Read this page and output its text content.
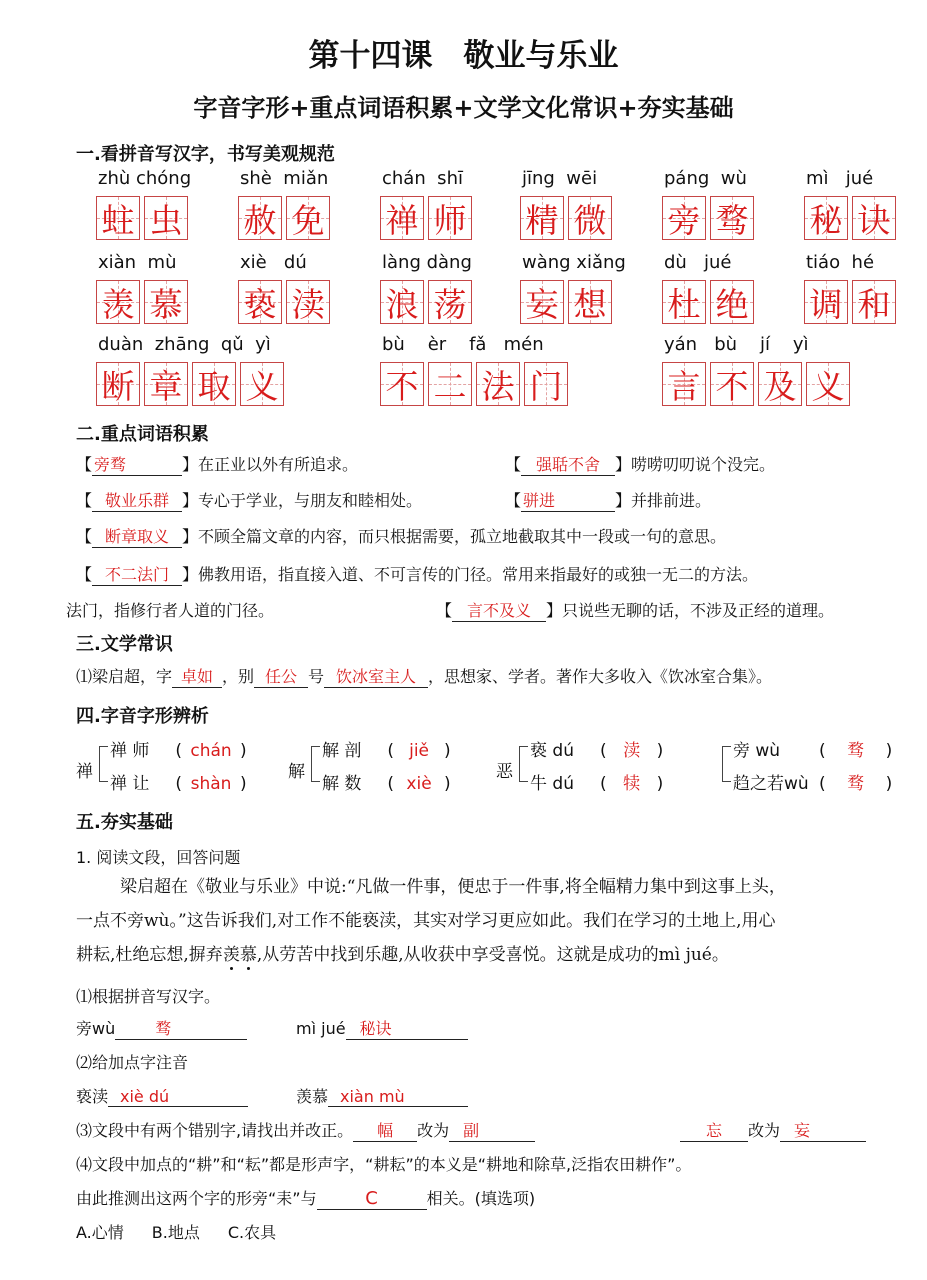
第十四课　敬业与乐业
字音字形+重点词语积累+文学文化常识+夯实基础
一.看拼音写汉字，书写美观规范
zhù chóng
蛀 虫
shè  miǎn
赦 免
chán  shī
禅 师
jīng  wēi
精 微
páng  wù
旁 骛
mì   jué
秘 诀
xiàn  mù
羡 慕
xiè   dú
亵 渎
làng dàng
浪 荡
wàng xiǎng
妄 想
dù   jué
杜 绝
tiáo  hé
调 和
duàn  zhāng  qǔ  yì
断 章 取 义
bù    èr    fǎ   mén
不 二 法 门
yán   bù    jí    yì
言 不 及 义
二.重点词语积累
【 旁骛	】在正业以外有所追求。	【 强聒不舍 】唠唠叨叨说个没完。
【 敬业乐群 】专心于学业，与朋友和睦相处。	【 骈进	】并排前进。
【 断章取义 】不顾全篇文章的内容，而只根据需要，孤立地截取其中一段或一句的意思。
【 不二法门 】佛教用语，指直接入道、不可言传的门径。常用来指最好的或独一无二的方法。
法门，指修行者人道的门径。	【 言不及义 】只说些无聊的话，不涉及正经的道理。
三.文学常识
⑴梁启超，字 卓如 ，别 任公 号 饮冰室主人 ，思想家、学者。著作大多收入《饮冰室合集》。
四.字音字形辨析
禅
禅 师 ( chán )
禅 让 ( shàn )
解
解 剖 ( jiě )
解 数 ( xiè )
恶
亵 dú ( 渎 )
牛 dú ( 犊 )
旁 wù ( 骛 )
趋之若wù ( 骛 )
五.夯实基础
1. 阅读文段，回答问题
梁启超在《敬业与乐业》中说:“凡做一件事，便忠于一件事,将全幅精力集中到这事上头，
一点不旁wù。”这告诉我们,对工作不能亵渎，其实对学习更应如此。我们在学习的土地上,用心
耕耘,杜绝忘想,摒弃羡慕,从劳苦中找到乐趣,从收获中享受喜悦。这就是成功的mì jué。
⑴根据拼音写汉字。
旁wù	骛	mì jué 秘诀
⑵给加点字注音
亵渎 xiè dú	羡慕 xiàn mù
⑶文段中有两个错别字,请找出并改正。 幅 改为 副	忘 改为 妄
⑷文段中加点的“耕”和“耘”都是形声字，“耕耘”的本义是“耕地和除草,泛指农田耕作”。
由此推测出这两个字的形旁“耒”与	C	相关。(填选项)
A.心情 B.地点 C.农具
